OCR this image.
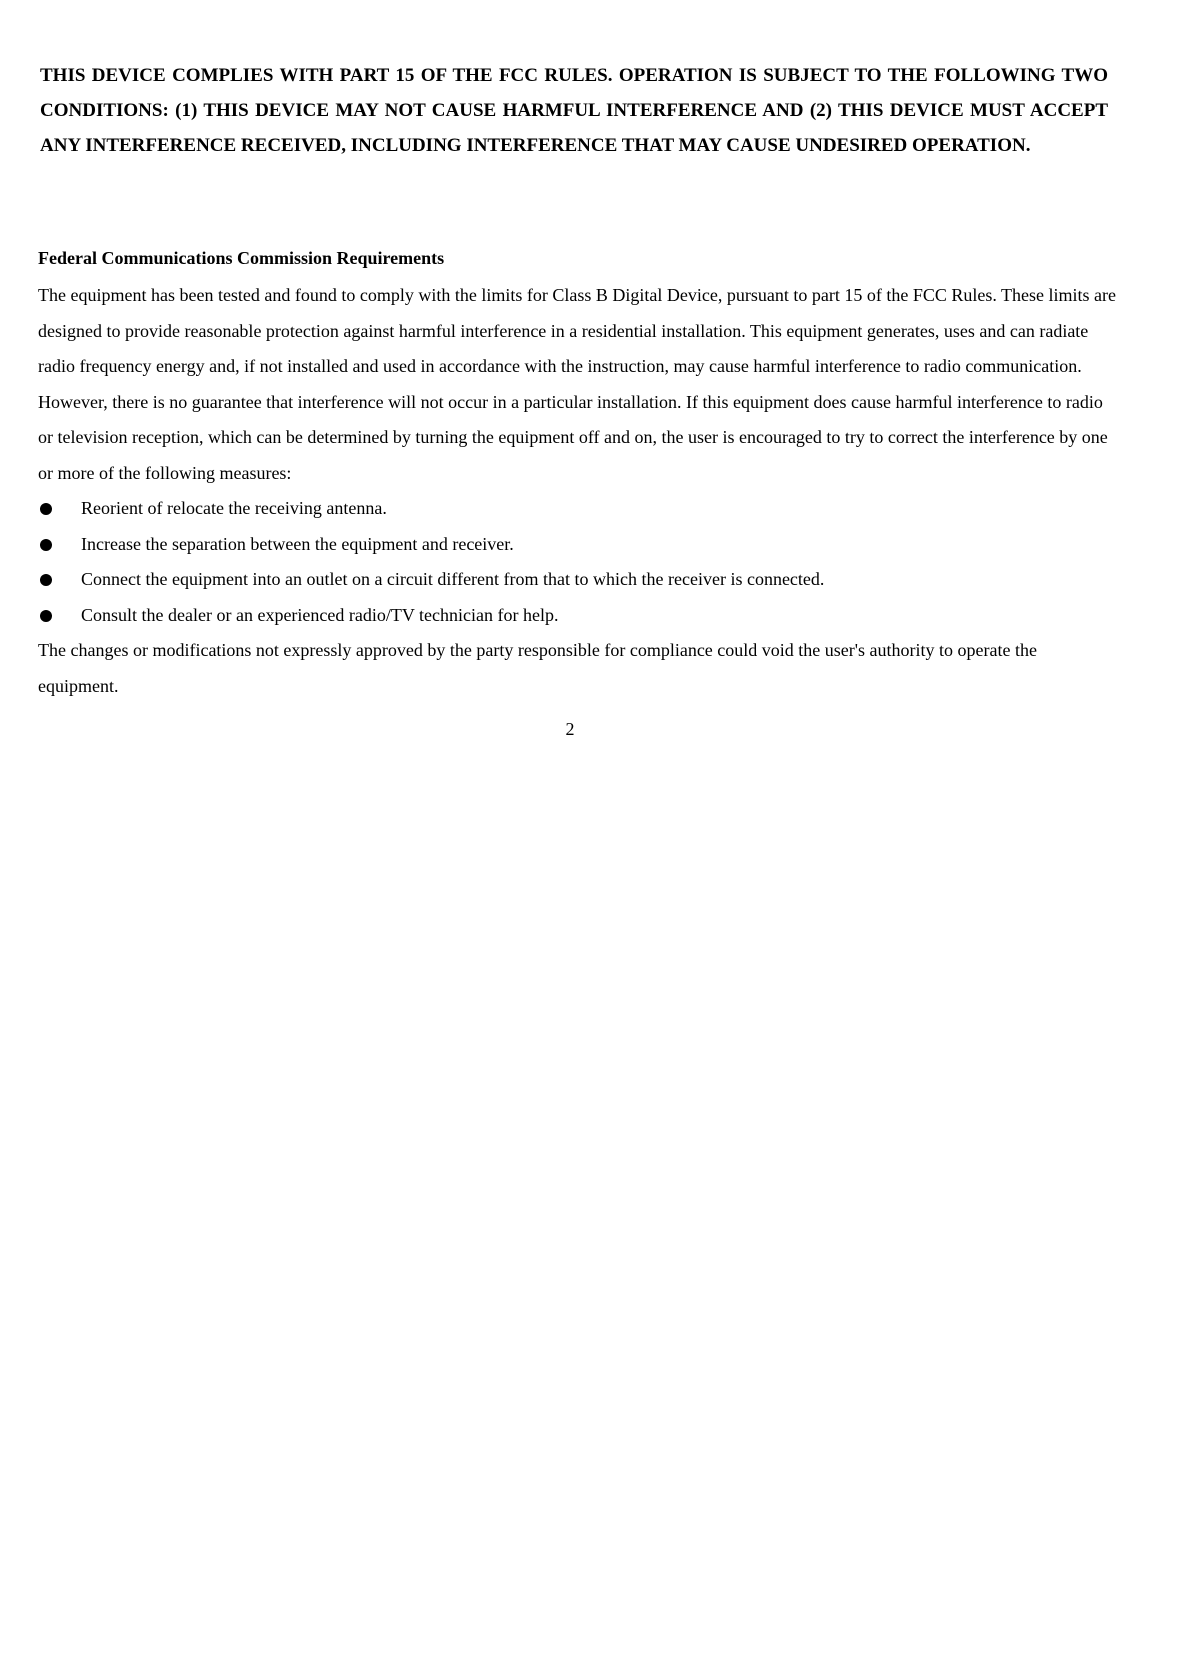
THIS DEVICE COMPLIES WITH PART 15 OF THE FCC RULES. OPERATION IS SUBJECT TO THE FOLLOWING TWO CONDITIONS: (1) THIS DEVICE MAY NOT CAUSE HARMFUL INTERFERENCE AND (2) THIS DEVICE MUST ACCEPT ANY INTERFERENCE RECEIVED, INCLUDING INTERFERENCE THAT MAY CAUSE UNDESIRED OPERATION.

Federal Communications Commission Requirements

The equipment has been tested and found to comply with the limits for Class B Digital Device, pursuant to part 15 of the FCC Rules. These limits are designed to provide reasonable protection against harmful interference in a residential installation. This equipment generates, uses and can radiate radio frequency energy and, if not installed and used in accordance with the instruction, may cause harmful interference to radio communication. However, there is no guarantee that interference will not occur in a particular installation. If this equipment does cause harmful interference to radio or television reception, which can be determined by turning the equipment off and on, the user is encouraged to try to correct the interference by one or more of the following measures:

Reorient of relocate the receiving antenna.
Increase the separation between the equipment and receiver.
Connect the equipment into an outlet on a circuit different from that to which the receiver is connected.
Consult the dealer or an experienced radio/TV technician for help.

The changes or modifications not expressly approved by the party responsible for compliance could void the user's authority to operate the equipment.

2
